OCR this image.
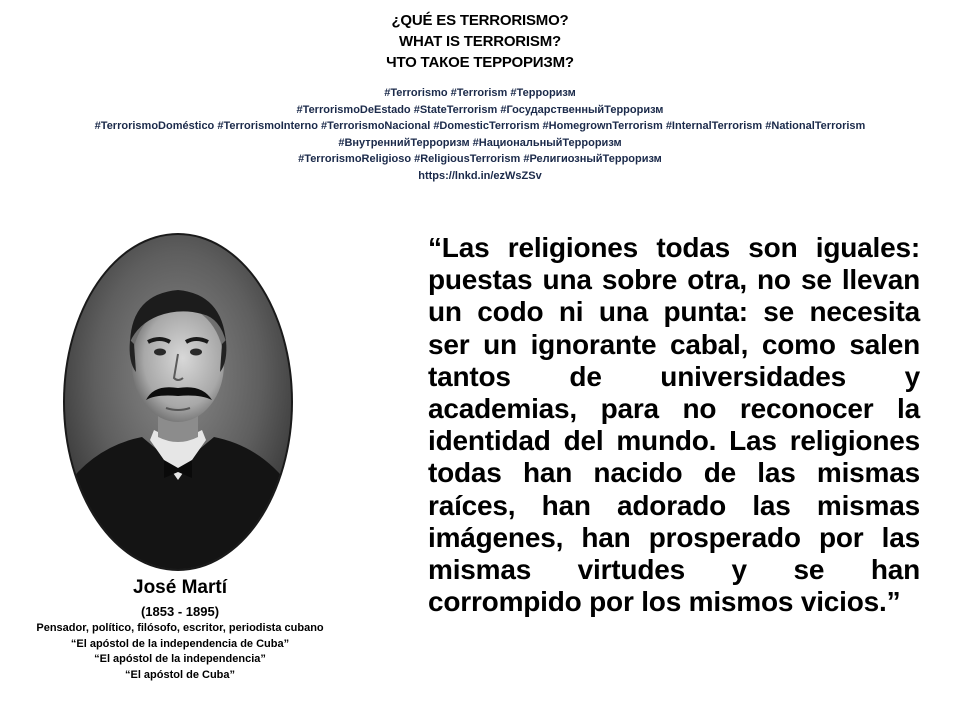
¿QUÉ ES TERRORISMO?
WHAT IS TERRORISM?
ЧТО ТАКОЕ ТЕРРОРИЗМ?
#Terrorismo #Terrorism #Терроризм
#TerrorismoDeEstado #StateTerrorism #ГосударственныйТерроризм
#TerrorismoDoméstico #TerrorismoInterno #TerrorismoNacional #DomesticTerrorism #HomegrownTerrorism #InternalTerrorism #NationalTerrorism
#ВнутреннийТерроризм #НациональныйТерроризм
#TerrorismoReligioso #ReligiousTerrorism #РелигиозныйТерроризм
https://lnkd.in/ezWsZSv
José Martí
(1853 - 1895)
Pensador, político, filósofo, escritor, periodista cubano
“El apóstol de la independencia de Cuba”
“El apóstol de la independencia”
“El apóstol de Cuba”
“Las religiones todas son iguales: puestas una sobre otra, no se llevan un codo ni una punta: se necesita ser un ignorante cabal, como salen tantos de universidades y academias, para no reconocer la identidad del mundo. Las religiones todas han nacido de las mismas raíces, han adorado las mismas imágenes, han prosperado por las mismas virtudes y se han corrompido por los mismos vicios.”
